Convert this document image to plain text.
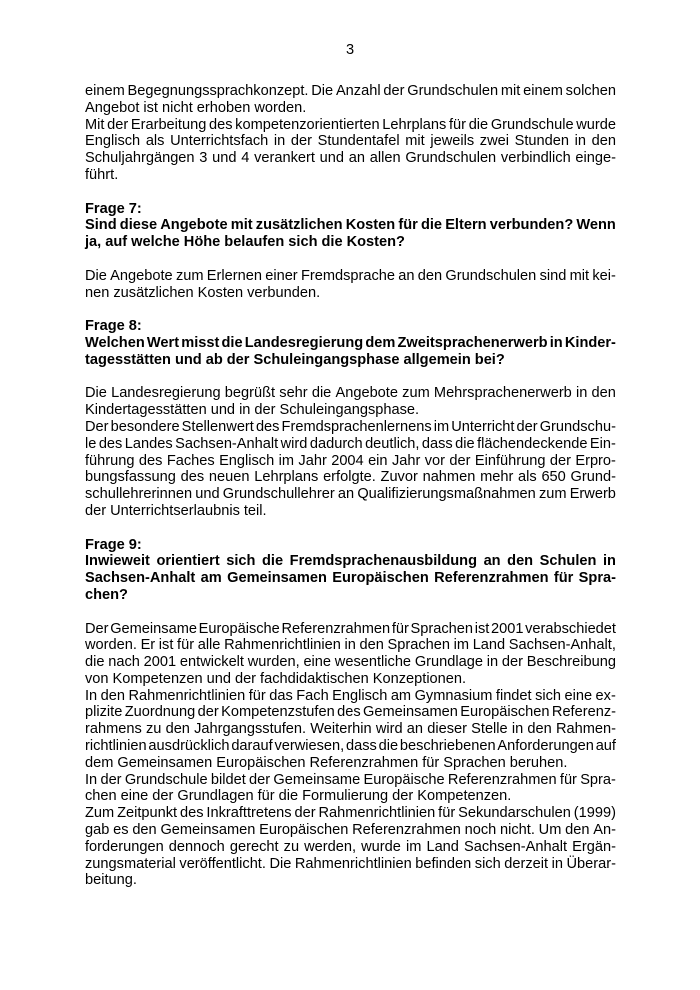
3
einem Begegnungssprachkonzept. Die Anzahl der Grundschulen mit einem solchen
Angebot ist nicht erhoben worden.
Mit der Erarbeitung des kompetenzorientierten Lehrplans für die Grundschule wurde
Englisch als Unterrichtsfach in der Stundentafel mit jeweils zwei Stunden in den
Schuljahrgängen 3 und 4 verankert und an allen Grundschulen verbindlich einge-
führt.
Frage 7:
Sind diese Angebote mit zusätzlichen Kosten für die Eltern verbunden? Wenn
ja, auf welche Höhe belaufen sich die Kosten?
Die Angebote zum Erlernen einer Fremdsprache an den Grundschulen sind mit kei-
nen zusätzlichen Kosten verbunden.
Frage 8:
Welchen Wert misst die Landesregierung dem Zweitsprachenerwerb in Kinder-
tagesstätten und ab der Schuleingangsphase allgemein bei?
Die Landesregierung begrüßt sehr die Angebote zum Mehrsprachenerwerb in den
Kindertagesstätten und in der Schuleingangsphase.
Der besondere Stellenwert des Fremdsprachenlernens im Unterricht der Grundschu-
le des Landes Sachsen-Anhalt wird dadurch deutlich, dass die flächendeckende Ein-
führung des Faches Englisch im Jahr 2004 ein Jahr vor der Einführung der Erpro-
bungsfassung des neuen Lehrplans erfolgte. Zuvor nahmen mehr als 650 Grund-
schullehrerinnen und Grundschullehrer an Qualifizierungsmaßnahmen zum Erwerb
der Unterrichtserlaubnis teil.
Frage 9:
Inwieweit orientiert sich die Fremdsprachenausbildung an den Schulen in
Sachsen-Anhalt am Gemeinsamen Europäischen Referenzrahmen für Spra-
chen?
Der Gemeinsame Europäische Referenzrahmen für Sprachen ist 2001 verabschiedet
worden. Er ist für alle Rahmenrichtlinien in den Sprachen im Land Sachsen-Anhalt,
die nach 2001 entwickelt wurden, eine wesentliche Grundlage in der Beschreibung
von Kompetenzen und der fachdidaktischen Konzeptionen.
In den Rahmenrichtlinien für das Fach Englisch am Gymnasium findet sich eine ex-
plizite Zuordnung der Kompetenzstufen des Gemeinsamen Europäischen Referenz-
rahmens zu den Jahrgangsstufen. Weiterhin wird an dieser Stelle in den Rahmen-
richtlinien ausdrücklich darauf verwiesen, dass die beschriebenen Anforderungen auf
dem Gemeinsamen Europäischen Referenzrahmen für Sprachen beruhen.
In der Grundschule bildet der Gemeinsame Europäische Referenzrahmen für Spra-
chen eine der Grundlagen für die Formulierung der Kompetenzen.
Zum Zeitpunkt des Inkrafttretens der Rahmenrichtlinien für Sekundarschulen (1999)
gab es den Gemeinsamen Europäischen Referenzrahmen noch nicht. Um den An-
forderungen dennoch gerecht zu werden, wurde im Land Sachsen-Anhalt Ergän-
zungsmaterial veröffentlicht. Die Rahmenrichtlinien befinden sich derzeit in Überar-
beitung.
